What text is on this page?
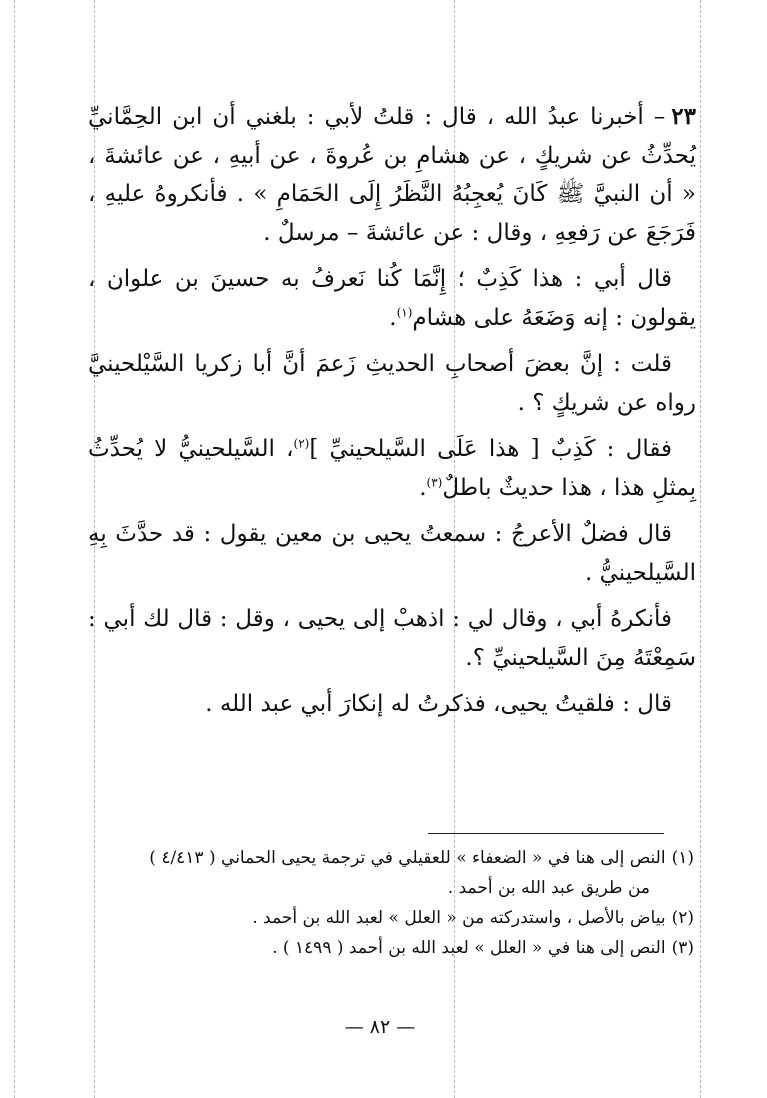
٢٣– أخبرنا عبدُ الله ، قال : قلتُ لأبي : بلغني أن ابن الحِمَّانيِّ يُحدِّثُ عن شريكٍ ، عن هشامِ بن عُروةَ ، عن أبيهِ ، عن عائشةَ ، « أن النبيَّ ﷺ كَانَ يُعجِبُهُ النَّظَرُ إِلَى الحَمَامِ » . فأنكروهُ عليهِ ، فَرَجَعَ عن رَفعِهِ ، وقال : عن عائشةَ – مرسلٌ .

قال أبي : هذا كَذِبٌ ؛ إِنَّمَا كُنا نَعرفُ به حسينَ بن علوان ، يقولون : إنه وَضَعَهُ على هشام$^{(١)}$.

قلت : إنَّ بعضَ أصحابِ الحديثِ زَعمَ أنَّ أبا زكريا السَّيْلحينيَّ رواه عن شريكٍ ؟ .

فقال : كَذِبٌ [ هذا عَلَى السَّيلحينيِّ ]$^{(٢)}$، السَّيلحينيُّ لا يُحدِّثُ بِمثلِ هذا ، هذا حديثٌ باطلٌ$^{(٣)}$.

قال فضلٌ الأعرجُ : سمعتُ يحيى بن معين يقول : قد حدَّثَ بِهِ السَّيلحينيُّ .

فأنكرهُ أبي ، وقال لي : اذهبْ إلى يحيى ، وقل : قال لك أبي : سَمِعْتَهُ مِنَ السَّيلحينيِّ ؟.

قال : فلقيتُ يحيى، فذكرتُ له إنكارَ أبي عبد الله .

(١)النص إلى هنا في « الضعفاء » للعقيلي في ترجمة يحيى الحماني ( ٤/٤١٣ )

من طريق عبد الله بن أحمد .

(٢)بياض بالأصل ، واستدركته من « العلل » لعبد الله بن أحمد .

(٣)النص إلى هنا في « العلل » لعبد الله بن أحمد ( ١٤٩٩ ) .

— ٨٢ —
